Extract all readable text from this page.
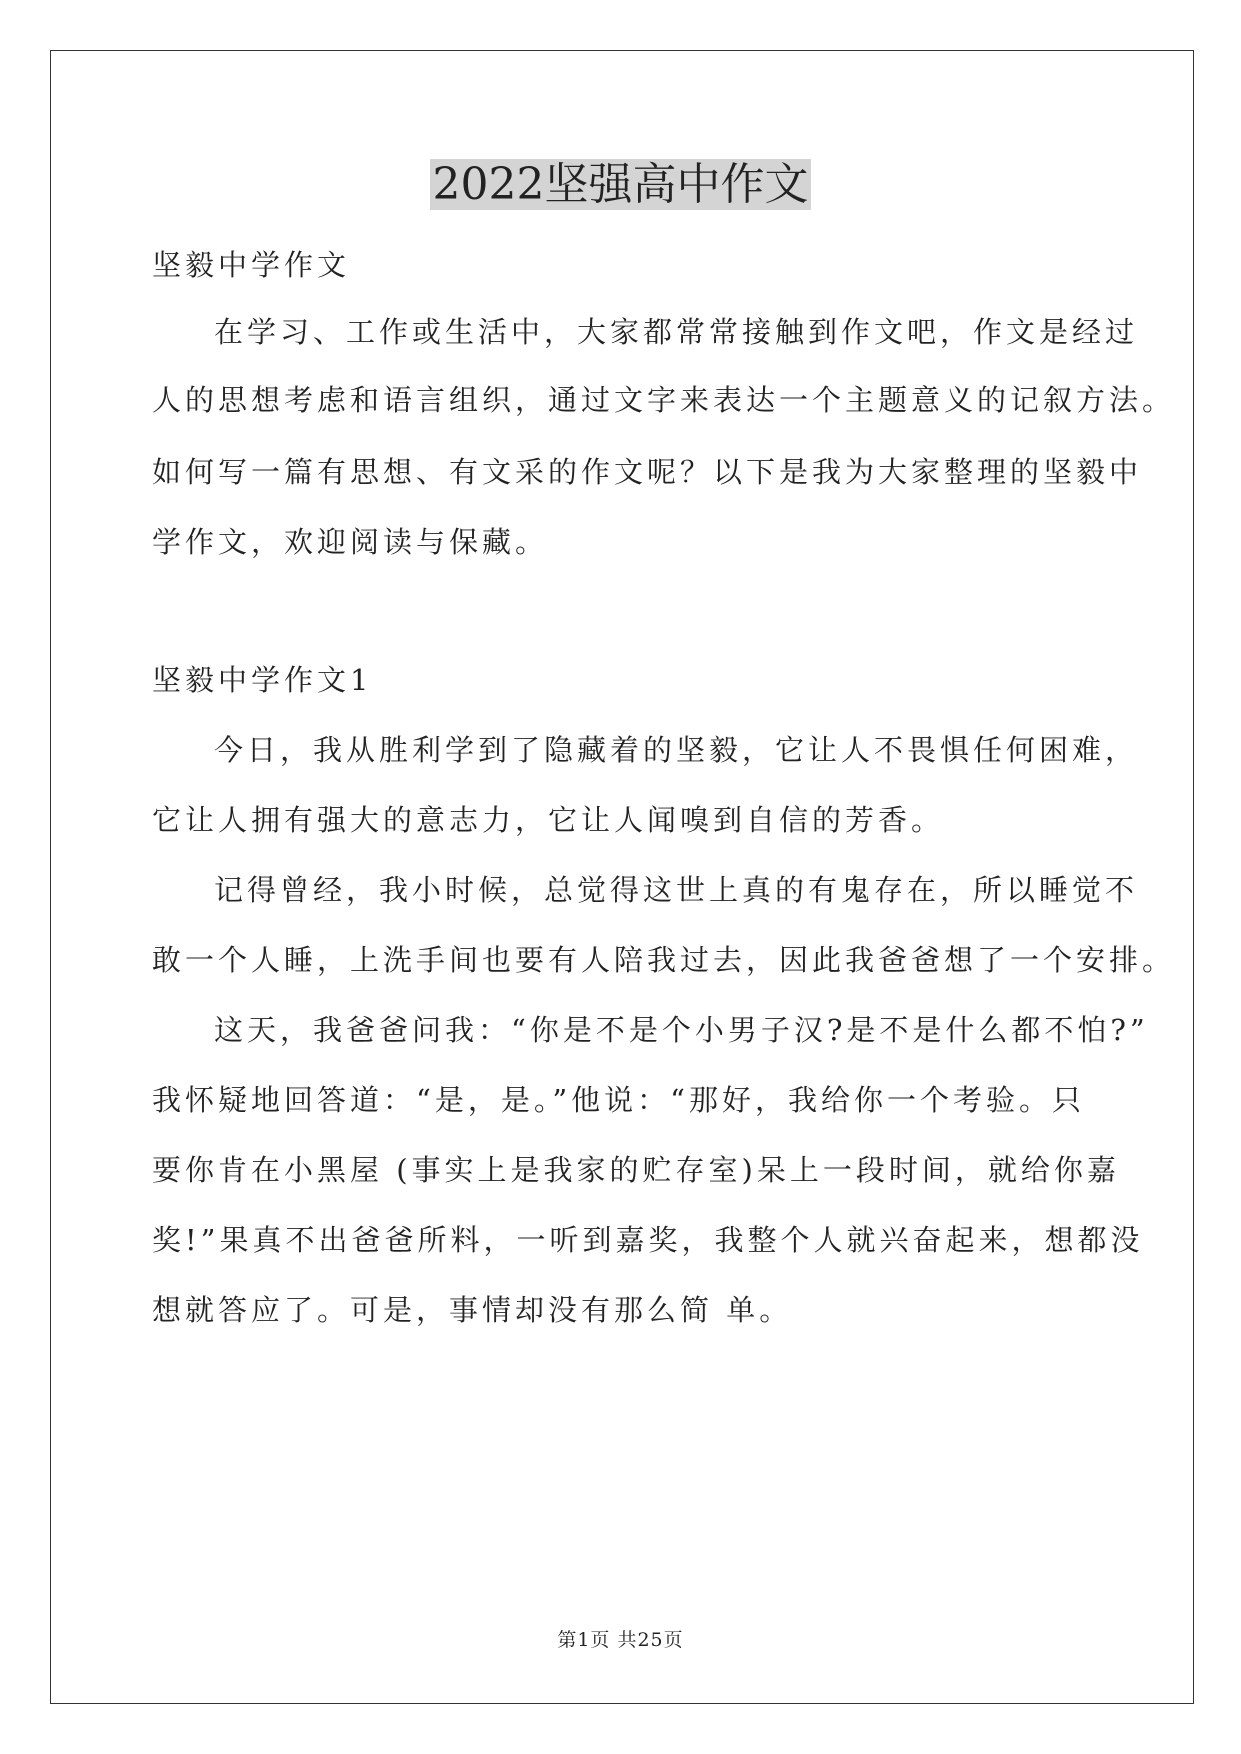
2022坚强高中作文
坚毅中学作文
在学习、工作或生活中，大家都常常接触到作文吧，作文是经过
人的思想考虑和语言组织，通过文字来表达一个主题意义的记叙方法。
如何写一篇有思想、有文采的作文呢？以下是我为大家整理的坚毅中
学作文，欢迎阅读与保藏。
坚毅中学作文1
今日，我从胜利学到了隐藏着的坚毅，它让人不畏惧任何困难，
它让人拥有强大的意志力，它让人闻嗅到自信的芳香。
记得曾经，我小时候，总觉得这世上真的有鬼存在，所以睡觉不
敢一个人睡，上洗手间也要有人陪我过去，因此我爸爸想了一个安排。
这天，我爸爸问我：“你是不是个小男子汉?是不是什么都不怕?”
我怀疑地回答道：“是，是。”他说：“那好，我给你一个考验。只
要你肯在小黑屋 (事实上是我家的贮存室)呆上一段时间，就给你嘉
奖!”果真不出爸爸所料，一听到嘉奖，我整个人就兴奋起来，想都没
想就答应了。可是，事情却没有那么简 单。
第1页 共25页
